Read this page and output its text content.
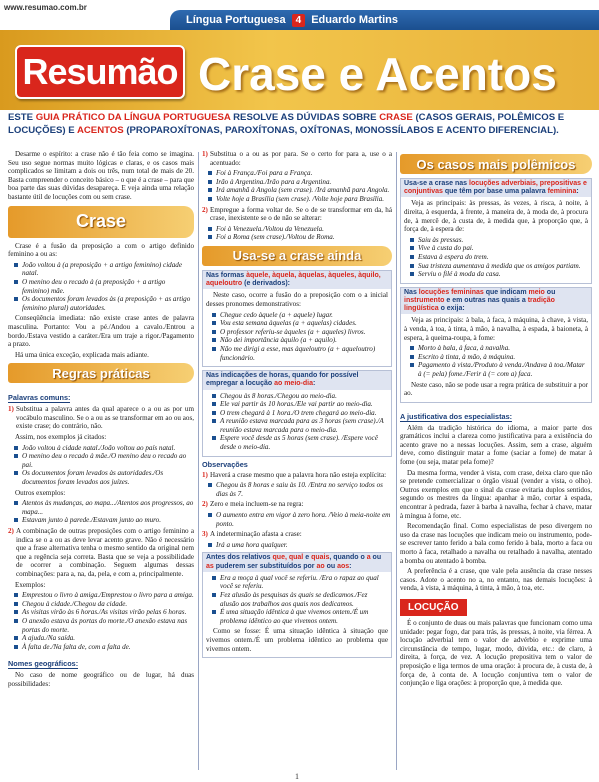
www.resumao.com.br
Língua Portuguesa	4 Eduardo Martins
Resumão Crase e Acentos
ESTE GUIA PRÁTICO DA LÍNGUA PORTUGUESA RESOLVE AS DÚVIDAS SOBRE CRASE (CASOS GERAIS, POLÊMICOS E LOCUÇÕES) E ACENTOS (PROPAROXÍTONAS, PAROXÍTONAS, OXÍTONAS, MONOSSÍLABOS E ACENTO DIFERENCIAL).

Desarme o espírito: a crase não é tão feia como se imagina. Seu uso segue normas muito lógicas e claras, e os casos mais complicados se limitam a dois ou três, num total de mais de 20. Basta compreender o conceito básico – o que é a crase – para que boa parte das suas dúvidas desapareça. E veja ainda uma relação bastante útil de locuções com ou sem crase.

Crase

Crase é a fusão da preposição a com o artigo definido feminino a ou as:

João voltou à (a preposição + a artigo feminino) cidade natal.
O menino deu o recado à (a preposição + a artigo feminino) mãe.
Os documentos foram levados às (a preposição + as artigo feminino plural) autoridades.

Conseqüência imediata: não existe crase antes de palavra masculina. Portanto: Vou a pé./Andou a cavalo./Entrou a bordo./Estava vestido a caráter./Era um traje a rigor./Pagamento a prazo.

Há uma única exceção, explicada mais adiante.

Regras práticas
Palavras comuns:
1) Substitua a palavra antes da qual aparece o a ou as por um vocábulo masculino. Se o a ou as se transformar em ao ou aos, existe crase; do contrário, não.

Assim, nos exemplos já citados:

João voltou à cidade natal./João voltou ao país natal.
O menino deu o recado à mãe./O menino deu o recado ao pai.
Os documentos foram levados às autoridades./Os documentos foram levados aos juízes.

Outros exemplos:

Atentos às mudanças, ao mapa.../Atentos aos progressos, ao mapa...
Estavam junto à parede./Estavam junto ao muro.
2) A combinação de outras preposições com o artigo feminino a indica se o a ou as deve levar acento grave. Não é necessário que a frase alternativa tenha o mesmo sentido da original nem que a regência seja correta. Basta que se veja a possibilidade de ocorrer a combinação. Seguem algumas dessas combinações: para a, na, da, pela, e com a, principalmente.

Exemplos:

Emprestou o livro à amiga./Emprestou o livro para a amiga.
Chegou à cidade./Chegou da cidade.
As visitas virão às 6 horas./As visitas virão pelas 6 horas.
O anexão estava às portas do morte./O anexão estava nas portas do morte.
A ajuda./Na saída.
À falta de./Na falta de, com a falta de.
Nomes geográficos:

No caso de nome geográfico ou de lugar, há duas possibilidades:

1) Substitua o a ou as por para. Se o certo for para a, use o a acentuado:

Foi à França./Foi para a França.
Irão à Argentina./Irão para a Argentina.
Irá amanhã à Angola (sem crase). /Irá amanhã para Angola.
Volte hoje a Brasília (sem crase). /Volte hoje para Brasília.
2) Empregue a forma voltar de. Se o de se transformar em da, há crase, inexistente se o de não se alterar:

Foi à Venezuela./Voltou da Venezuela.
Foi a Roma (sem crase)./Voltou de Roma.
Usa-se a crase ainda
Nas formas àquele, àquela, àquelas, àqueles, àquilo, aqueloutro (e derivados):

Neste caso, ocorre a fusão do a preposição com o a inicial desses pronomes demonstrativos:

Chegue cedo àquele (a + aquele) lugar.
Vou esta semana àquelas (a + aquelas) cidades.
O professor referiu-se àqueles (a + aqueles) livros.
Não dei importância àquilo (a + aquilo).
Não me dirigi a esse, mas àqueloutro (a + aqueloutro) funcionário.
Nas indicações de horas, quando for possível empregar a locução ao meio-dia:
Chegou às 8 horas./Chegou ao meio-dia.
Ele vai partir às 10 horas./Ele vai partir ao meio-dia.
O trem chegará à 1 hora./O trem chegará ao meio-dia.
A reunião estava marcada para as 3 horas (sem crase)./A reunião estava marcada para o meio-dia.
Espere você desde as 5 horas (sem crase). /Espere você desde o meio-dia.
Observações
1) Haverá a crase mesmo que a palavra hora não esteja explícita:

Chegou às 8 horas e saiu às 10. /Entra no serviço todos os dias às 7.
2) Zero e meia incluem-se na regra:

O aumento entra em vigor à zero hora. /Veio à meia-noite em ponto.
3) A indeterminação afasta a crase:

Irá a uma hora qualquer.
Antes dos relativos que, qual e quais, quando o a ou as puderem ser substituídos por ao ou aos:
Era a moça à qual você se referiu. /Era o rapaz ao qual você se referiu.
Fez alusão às pesquisas às quais se dedicamos./Fez alusão aos trabalhos aos quais nos dedicamos.
É uma situação idêntica à que vivemos ontem./É um problema idêntico ao que vivemos ontem.

Como se fosse: É uma situação idêntica à situação que vivemos ontem./É um problema idêntico ao problema que vivemos ontem.

Os casos mais polêmicos
Usa-se a crase nas locuções adverbiais, prepositivas e conjuntivas que têm por base uma palavra feminina:

Veja as principais: às pressas, às vezes, à risca, à noite, à direita, à esquerda, à frente, à maneira de, à moda de, à procura de, à mercê de, à custa de, à medida que, à proporção que, à força de, à espera de:

Saiu às pressas.
Vive à custa do pai.
Estava à espera do trem.
Sua tristeza aumentava à medida que os amigos partiam.
Serviu o filé à moda da casa.
Nas locuções femininas que indicam meio ou instrumento e em outras nas quais a tradição lingüística o exija:

Veja as principais: à bala, à faca, à máquina, à chave, à vista, à venda, à toa, à tinta, à mão, à navalha, à espada, à baioneta, à espera, à queima-roupa, à fome:

Morto à bala, à faca, à navalha.
Escrito à tinta, à mão, à máquina.
Pagamento à vista./Produto à venda./Andava à toa./Matar à (= pela) fome./Ferir à (= com a) faca.

Neste caso, não se pode usar a regra prática de substituir a por ao.

A justificativa dos especialistas:

Além da tradição histórica do idioma, a maior parte dos gramáticos inclui a clareza como justificativa para a existência do acento grave no a nessas locuções. Assim, sem a crase, alguém deve, como distinguir matar a fome (saciar a fome) de matar à fome (ou seja, matar pela fome)?

Da mesma forma, vender à vista, com crase, deixa claro que não se pretende comercializar o órgão visual (vender a vista, o olho). Outros exemplos em que o sinal da crase evitaria duplos sentidos, segundo os mestres da língua: apanhar à mão, cortar à espada, encontrar à pedrada, fazer à barba à navalha, fechar à chave, matar à míngua à fome, etc.

Recomendação final. Como especialistas de peso divergem no uso da crase nas locuções que indicam meio ou instrumento, pode-se escrever tanto ferido a bala como ferido à bala, morto a faca ou morto à faca, retalhado a navalha ou retalhado à navalha, atentado a bomba ou atentado à bomba.

A preferência é a crase, que vale pela ausência da crase nesses casos. Adote o acento no a, no entanto, nas demais locuções: à venda, à vista, à máquina, à tinta, à mão, à toa, etc.

LOCUÇÃO

É o conjunto de duas ou mais palavras que funcionam como uma unidade: pegar fogo, dar para trás, às pressas, à noite, via férrea. A locução adverbial tem o valor de advérbio e exprime uma circunstância de tempo, lugar, modo, dúvida, etc.: de claro, à direita, à força, de vez. A locução prepositiva tem o valor de preposição e liga termos de uma oração: à procura de, à custa de, à força de, à conta de. A locução conjuntiva tem o valor de conjunção e liga orações: à proporção que, à medida que.

1
